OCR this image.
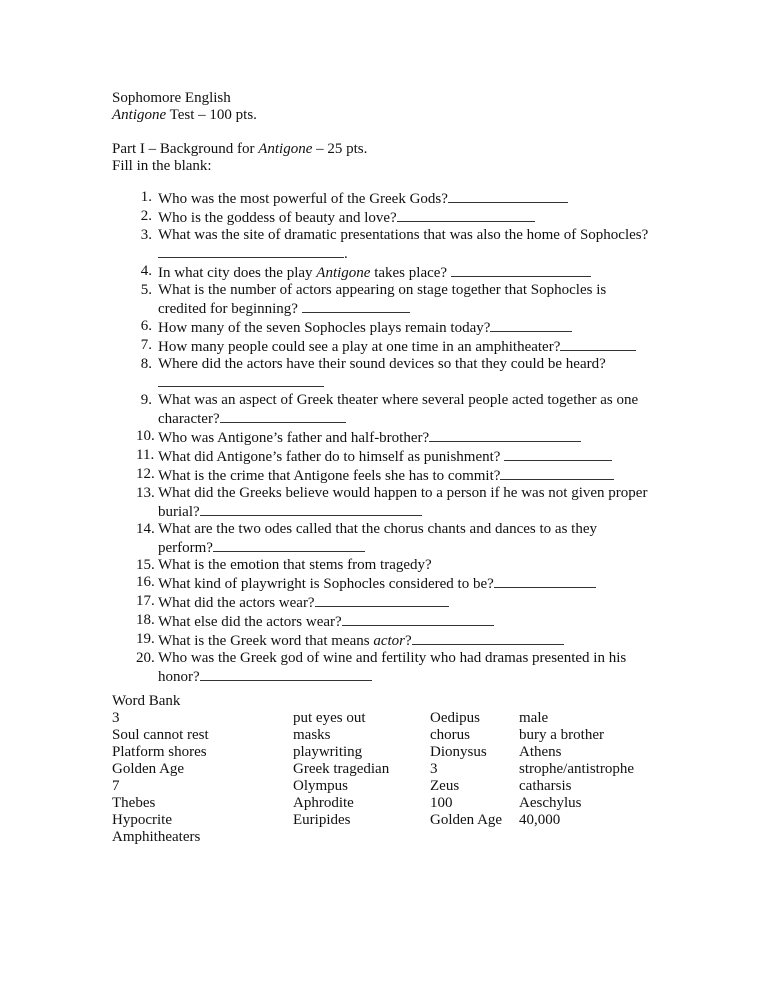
Sophomore English
Antigone Test – 100 pts.
Part I – Background for Antigone – 25 pts.
Fill in the blank:
1. Who was the most powerful of the Greek Gods?
2. Who is the goddess of beauty and love?
3. What was the site of dramatic presentations that was also the home of Sophocles?
.
4. In what city does the play Antigone takes place?
5. What is the number of actors appearing on stage together that Sophocles is
credited for beginning?
6. How many of the seven Sophocles plays remain today?
7. How many people could see a play at one time in an amphitheater?
8. Where did the actors have their sound devices so that they could be heard?

9. What was an aspect of Greek theater where several people acted together as one
character?
10. Who was Antigone’s father and half-brother?
11. What did Antigone’s father do to himself as punishment?
12. What is the crime that Antigone feels she has to commit?
13. What did the Greeks believe would happen to a person if he was not given proper
burial?
14. What are the two odes called that the chorus chants and dances to as they
perform?
15. What is the emotion that stems from tragedy?
16. What kind of playwright is Sophocles considered to be?
17. What did the actors wear?
18. What else did the actors wear?
19. What is the Greek word that means actor?
20. Who was the Greek god of wine and fertility who had dramas presented in his
honor?
Word Bank
3
Soul cannot rest
Platform shores
Golden Age
7
Thebes
Hypocrite
Amphitheaters
put eyes out
masks
playwriting
Greek tragedian
Olympus
Aphrodite
Euripides
Oedipus
chorus
Dionysus
3
Zeus
100
Golden Age
male
bury a brother
Athens
strophe/antistrophe
catharsis
Aeschylus
40,000
